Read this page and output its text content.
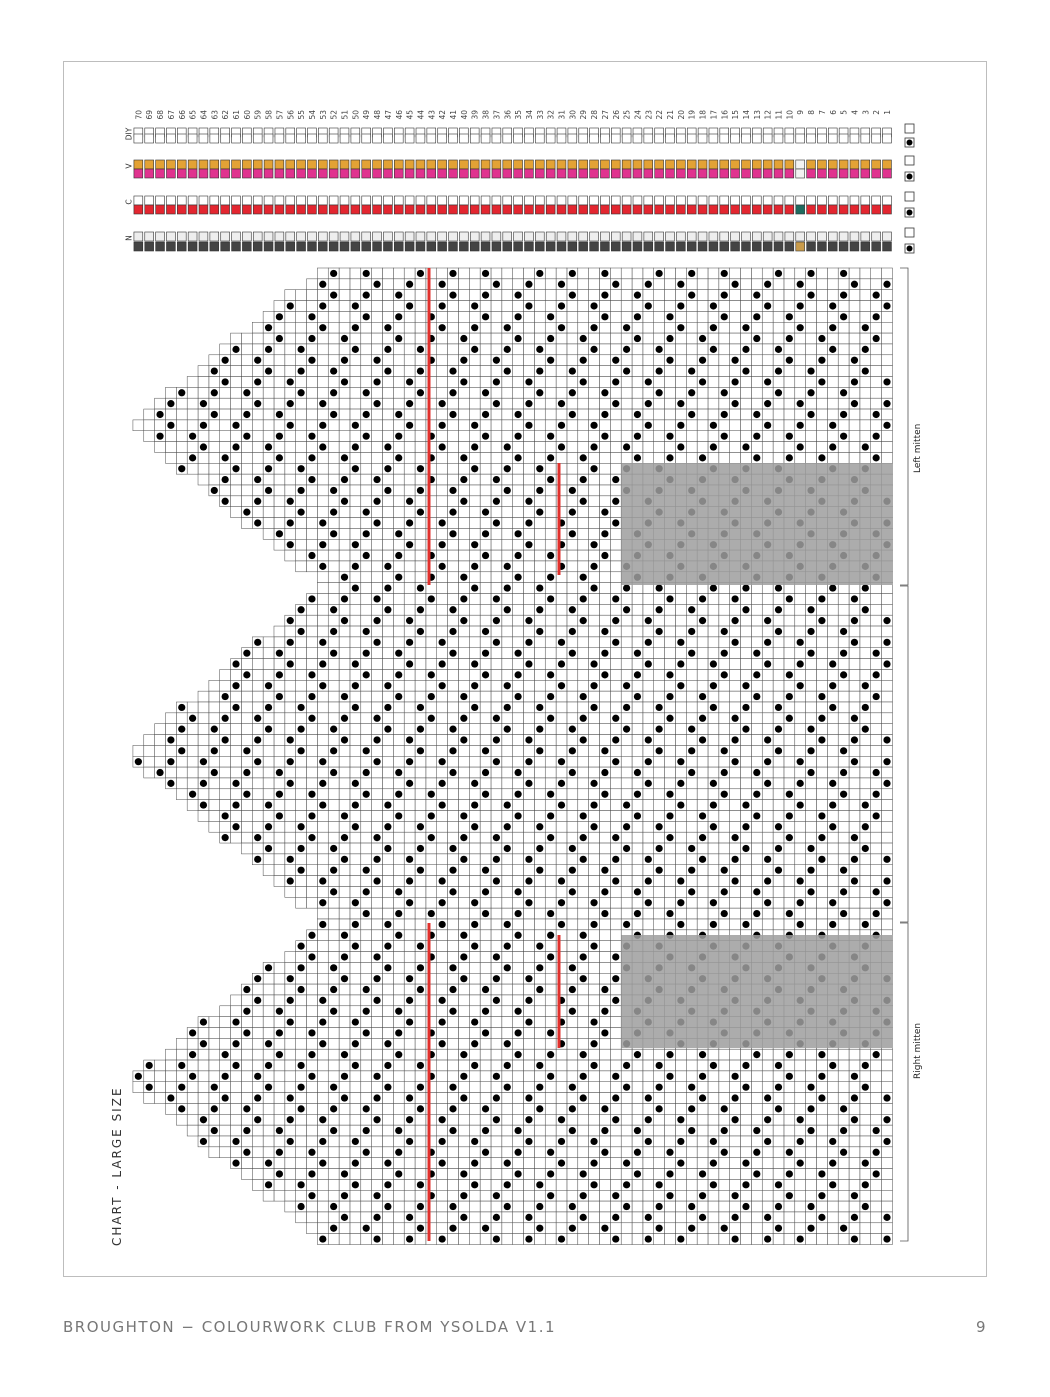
70 69 68 67 66 65 64 63 62 61 60 59 58 57 56 55 54 53 52 51 50 49 48 47 46 45 44 43 42 41 40 39 38 37 36 35 34 33 32 31 30 29 28 27 26 25 24 23 22 21 20 19 18 17 16 15 14 13 12 11 10 9 8 7 6 5 4 3 2 1
DIY
V
C
N
CHART - LARGE SIZE
Left mitten
Right mitten
BROUGHTON − COLOURWORK CLUB FROM YSOLDA V1.1	9
